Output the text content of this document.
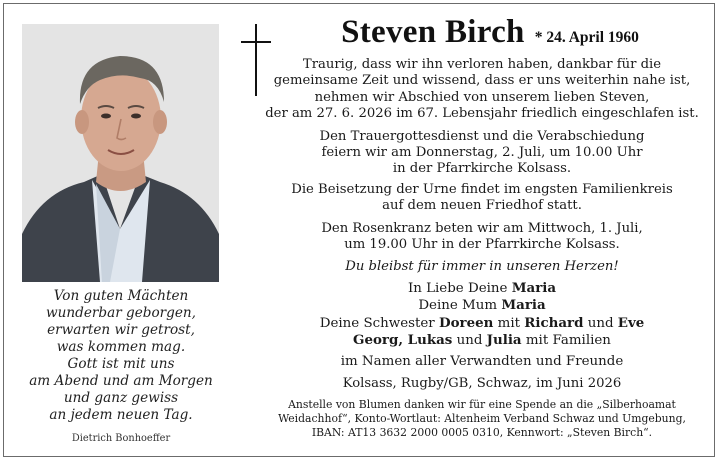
Steven Birch * 24. April 1960
Von guten Mächten
wunderbar geborgen,
erwarten wir getrost,
was kommen mag.
Gott ist mit uns
am Abend und am Morgen
und ganz gewiss
an jedem neuen Tag.
Dietrich Bonhoeffer
Traurig, dass wir ihn verloren haben, dankbar für die
gemeinsame Zeit und wissend, dass er uns weiterhin nahe ist,
nehmen wir Abschied von unserem lieben Steven,
der am 27. 6. 2026 im 67. Lebensjahr friedlich eingeschlafen ist.
Den Trauergottesdienst und die Verabschiedung
feiern wir am Donnerstag, 2. Juli, um 10.00 Uhr
in der Pfarrkirche Kolsass.
Die Beisetzung der Urne findet im engsten Familienkreis
auf dem neuen Friedhof statt.
Den Rosenkranz beten wir am Mittwoch, 1. Juli,
um 19.00 Uhr in der Pfarrkirche Kolsass.
Du bleibst für immer in unseren Herzen!
In Liebe Deine Maria
Deine Mum Maria
Deine Schwester Doreen mit Richard und Eve
Georg, Lukas und Julia mit Familien
im Namen aller Verwandten und Freunde
Kolsass, Rugby/GB, Schwaz, im Juni 2026
Anstelle von Blumen danken wir für eine Spende an die „Silberhoamat
Weidachhof“, Konto-Wortlaut: Altenheim Verband Schwaz und Umgebung,
IBAN: AT13 3632 2000 0005 0310, Kennwort: „Steven Birch“.
